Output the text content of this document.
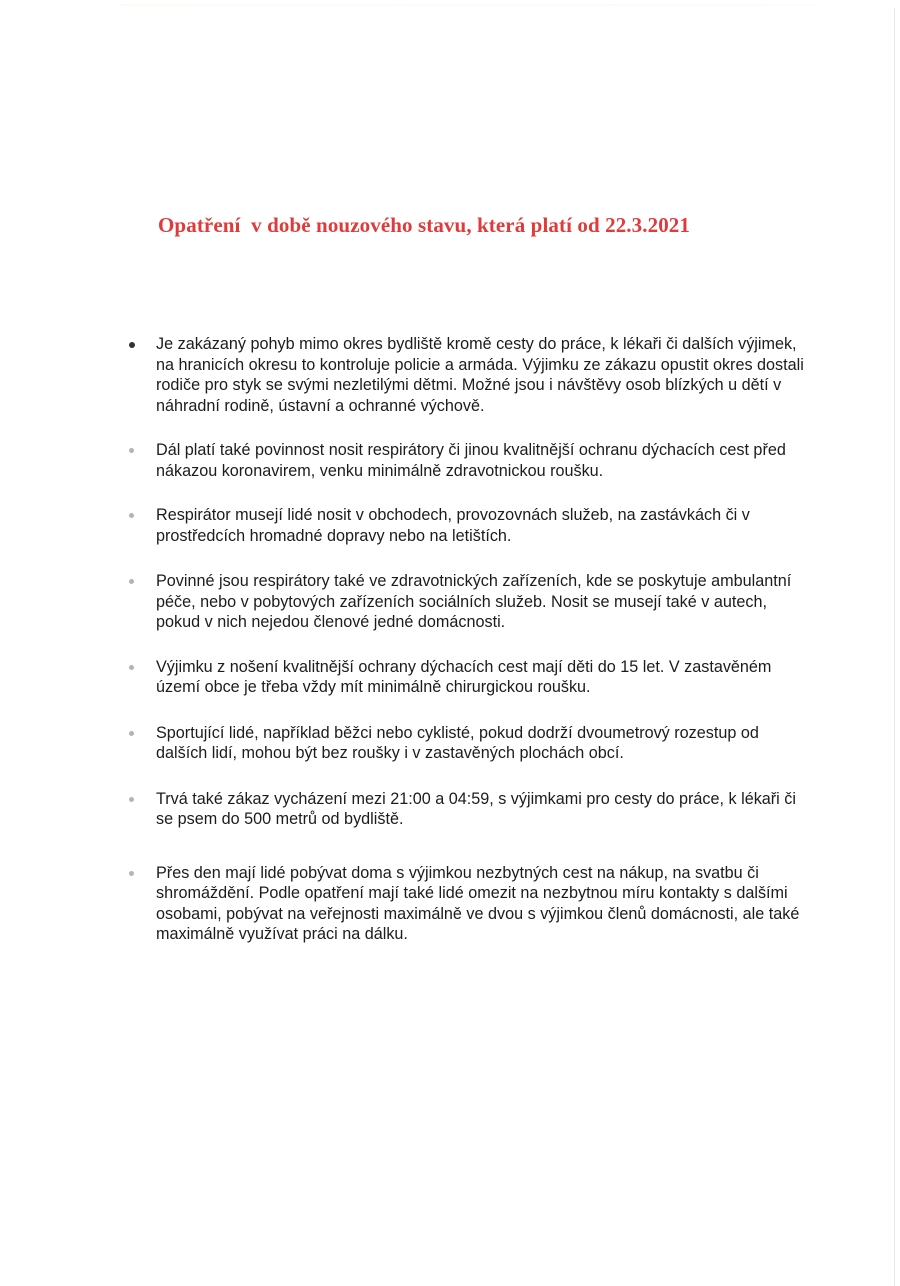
Opatření  v době nouzového stavu, která platí od 22.3.2021
Je zakázaný pohyb mimo okres bydliště kromě cesty do práce, k lékaři či dalších výjimek, na hranicích okresu to kontroluje policie a armáda. Výjimku ze zákazu opustit okres dostali rodiče pro styk se svými nezletilými dětmi. Možné jsou i návštěvy osob blízkých u dětí v náhradní rodině, ústavní a ochranné výchově.
Dál platí také povinnost nosit respirátory či jinou kvalitnější ochranu dýchacích cest před nákazou koronavirem, venku minimálně zdravotnickou roušku.
Respirátor musejí lidé nosit v obchodech, provozovnách služeb, na zastávkách či v prostředcích hromadné dopravy nebo na letištích.
Povinné jsou respirátory také ve zdravotnických zařízeních, kde se poskytuje ambulantní péče, nebo v pobytových zařízeních sociálních služeb. Nosit se musejí také v autech, pokud v nich nejedou členové jedné domácnosti.
Výjimku z nošení kvalitnější ochrany dýchacích cest mají děti do 15 let. V zastavěném území obce je třeba vždy mít minimálně chirurgickou roušku.
Sportující lidé, například běžci nebo cyklisté, pokud dodrží dvoumetrový rozestup od dalších lidí, mohou být bez roušky i v zastavěných plochách obcí.
Trvá také zákaz vycházení mezi 21:00 a 04:59, s výjimkami pro cesty do práce, k lékaři či se psem do 500 metrů od bydliště.
Přes den mají lidé pobývat doma s výjimkou nezbytných cest na nákup, na svatbu či shromáždění. Podle opatření mají také lidé omezit na nezbytnou míru kontakty s dalšími osobami, pobývat na veřejnosti maximálně ve dvou s výjimkou členů domácnosti, ale také maximálně využívat práci na dálku.
